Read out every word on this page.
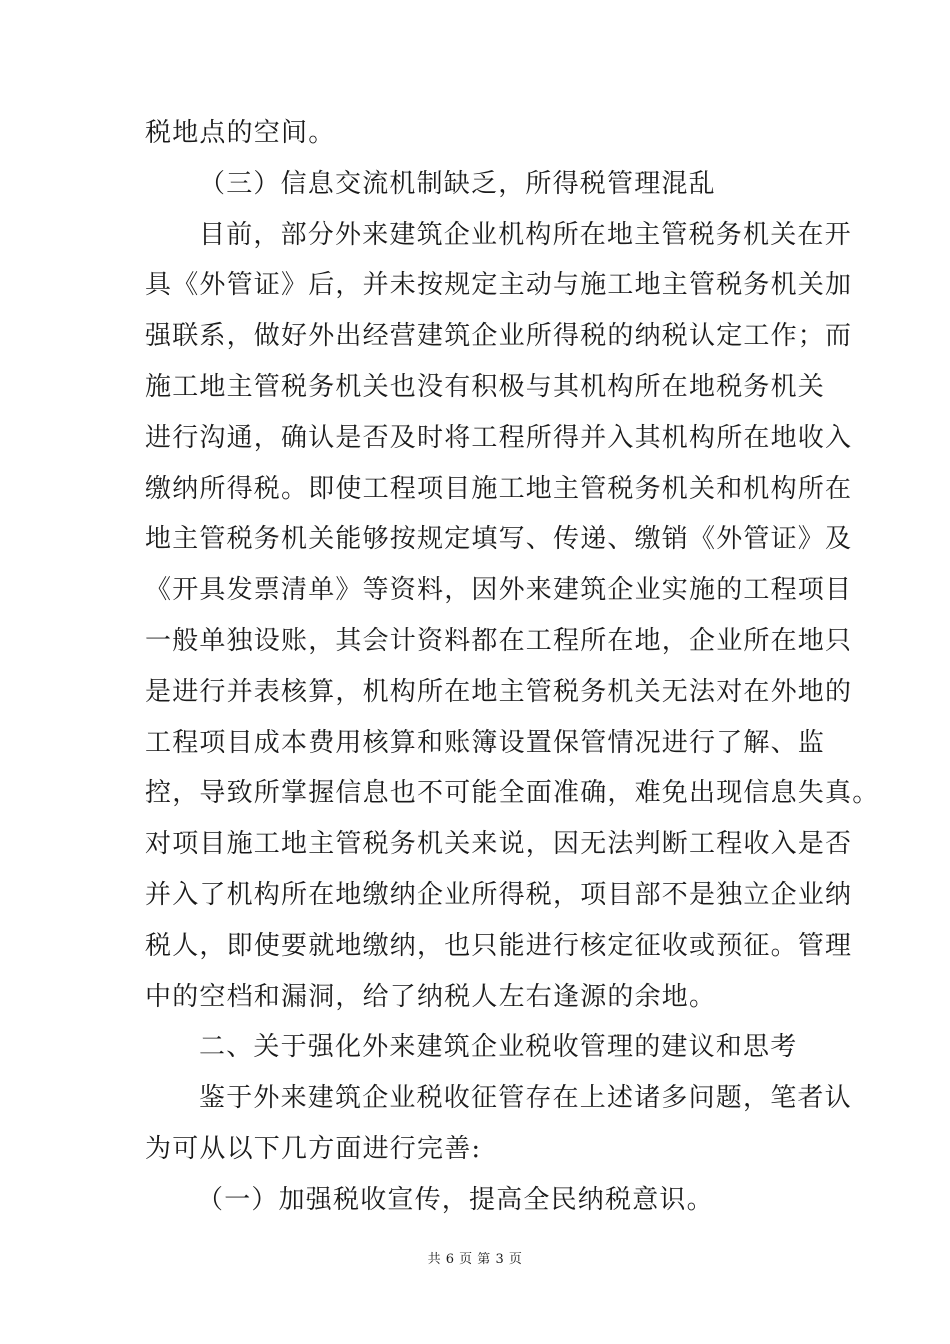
税地点的空间。
（三）信息交流机制缺乏，所得税管理混乱
目前，部分外来建筑企业机构所在地主管税务机关在开
具《外管证》后，并未按规定主动与施工地主管税务机关加
强联系，做好外出经营建筑企业所得税的纳税认定工作；而
施工地主管税务机关也没有积极与其机构所在地税务机关
进行沟通，确认是否及时将工程所得并入其机构所在地收入
缴纳所得税。即使工程项目施工地主管税务机关和机构所在
地主管税务机关能够按规定填写、传递、缴销《外管证》及
《开具发票清单》等资料，因外来建筑企业实施的工程项目
一般单独设账，其会计资料都在工程所在地，企业所在地只
是进行并表核算，机构所在地主管税务机关无法对在外地的
工程项目成本费用核算和账簿设置保管情况进行了解、监
控，导致所掌握信息也不可能全面准确，难免出现信息失真。
对项目施工地主管税务机关来说，因无法判断工程收入是否
并入了机构所在地缴纳企业所得税，项目部不是独立企业纳
税人，即使要就地缴纳，也只能进行核定征收或预征。管理
中的空档和漏洞，给了纳税人左右逢源的余地。
二、关于强化外来建筑企业税收管理的建议和思考
鉴于外来建筑企业税收征管存在上述诸多问题，笔者认
为可从以下几方面进行完善:
（一）加强税收宣传，提高全民纳税意识。
共 6 页 第 3 页
